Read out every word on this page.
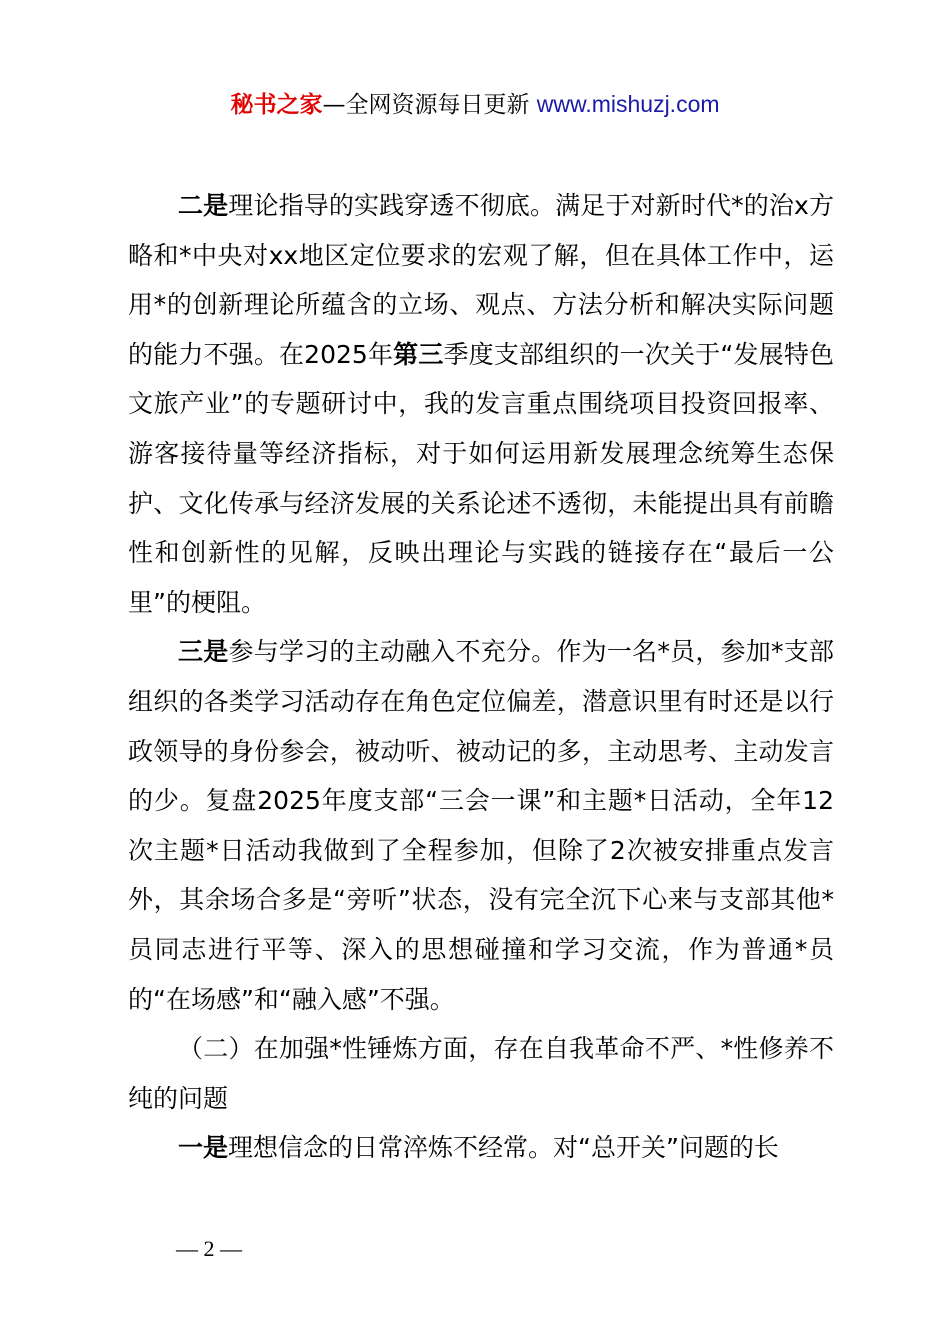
秘书之家—全网资源每日更新 www.mishuzj.com

二是理论指导的实践穿透不彻底。满足于对新时代*的治x方略和*中央对xx地区定位要求的宏观了解，但在具体工作中，运用*的创新理论所蕴含的立场、观点、方法分析和解决实际问题的能力不强。在2025年第三季度支部组织的一次关于“发展特色文旅产业”的专题研讨中，我的发言重点围绕项目投资回报率、游客接待量等经济指标，对于如何运用新发展理念统筹生态保护、文化传承与经济发展的关系论述不透彻，未能提出具有前瞻性和创新性的见解，反映出理论与实践的链接存在“最后一公里”的梗阻。

三是参与学习的主动融入不充分。作为一名*员，参加*支部组织的各类学习活动存在角色定位偏差，潜意识里有时还是以行政领导的身份参会，被动听、被动记的多，主动思考、主动发言的少。复盘2025年度支部“三会一课”和主题*日活动，全年12次主题*日活动我做到了全程参加，但除了2次被安排重点发言外，其余场合多是“旁听”状态，没有完全沉下心来与支部其他*员同志进行平等、深入的思想碰撞和学习交流，作为普通*员的“在场感”和“融入感”不强。

（二）在加强*性锤炼方面，存在自我革命不严、*性修养不纯的问题

一是理想信念的日常淬炼不经常。对“总开关”问题的长

— 2 —
